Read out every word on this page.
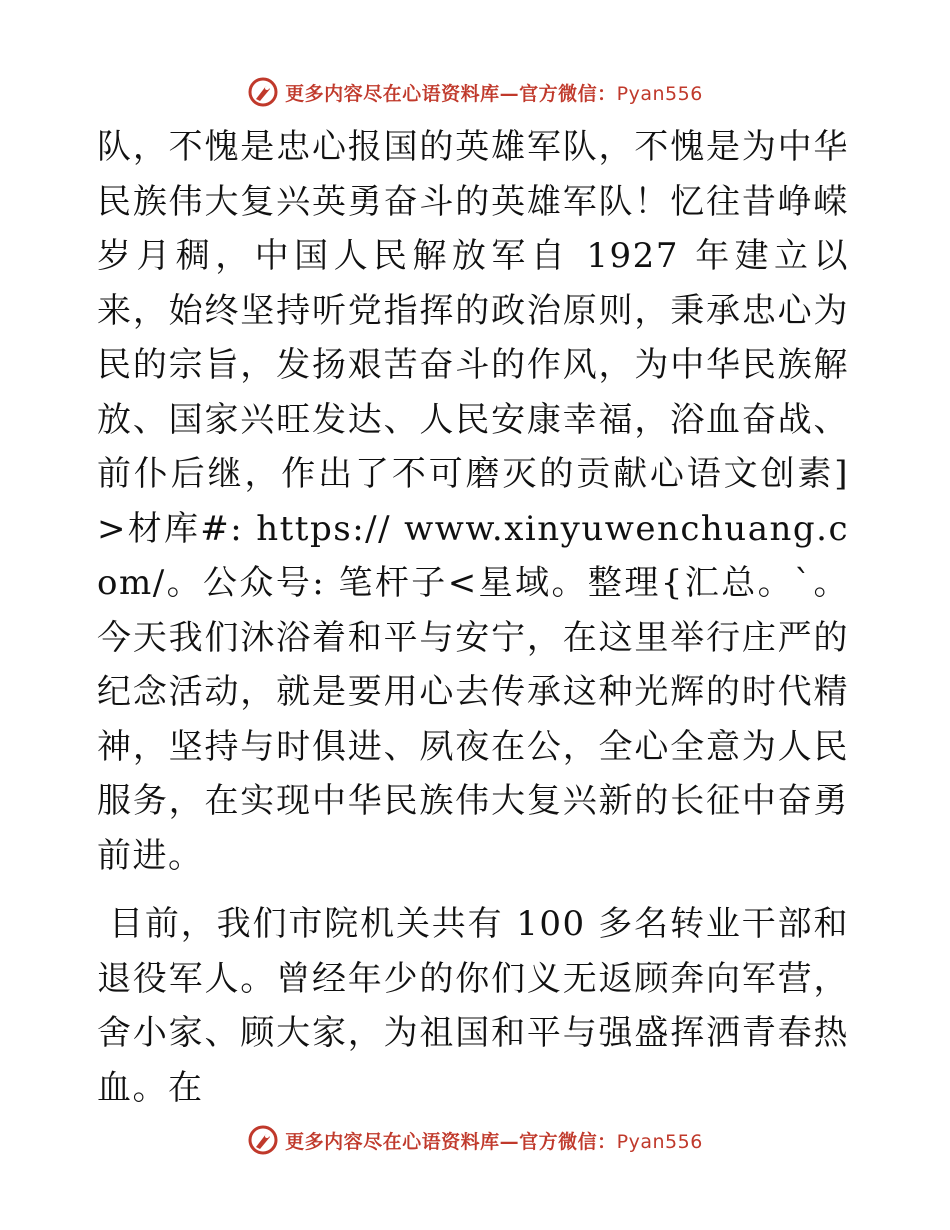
更多内容尽在心语资料库—官方微信：Pyan556

队，不愧是忠心报国的英雄军队，不愧是为中华民族伟大复兴英勇奋斗的英雄军队！忆往昔峥嵘岁月稠，中国人民解放军自 1927 年建立以来，始终坚持听党指挥的政治原则，秉承忠心为民的宗旨，发扬艰苦奋斗的作风，为中华民族解放、国家兴旺发达、人民安康幸福，浴血奋战、前仆后继，作出了不可磨灭的贡献心语文创素]>材库#: https:// www.xinyuwenchuang.com/。公众号: 笔杆子<星域。整理{汇总。`。今天我们沐浴着和平与安宁，在这里举行庄严的纪念活动，就是要用心去传承这种光辉的时代精神，坚持与时俱进、夙夜在公，全心全意为人民服务，在实现中华民族伟大复兴新的长征中奋勇前进。

目前，我们市院机关共有 100 多名转业干部和退役军人。曾经年少的你们义无返顾奔向军营，舍小家、顾大家，为祖国和平与强盛挥洒青春热血。在

更多内容尽在心语资料库—官方微信：Pyan556
